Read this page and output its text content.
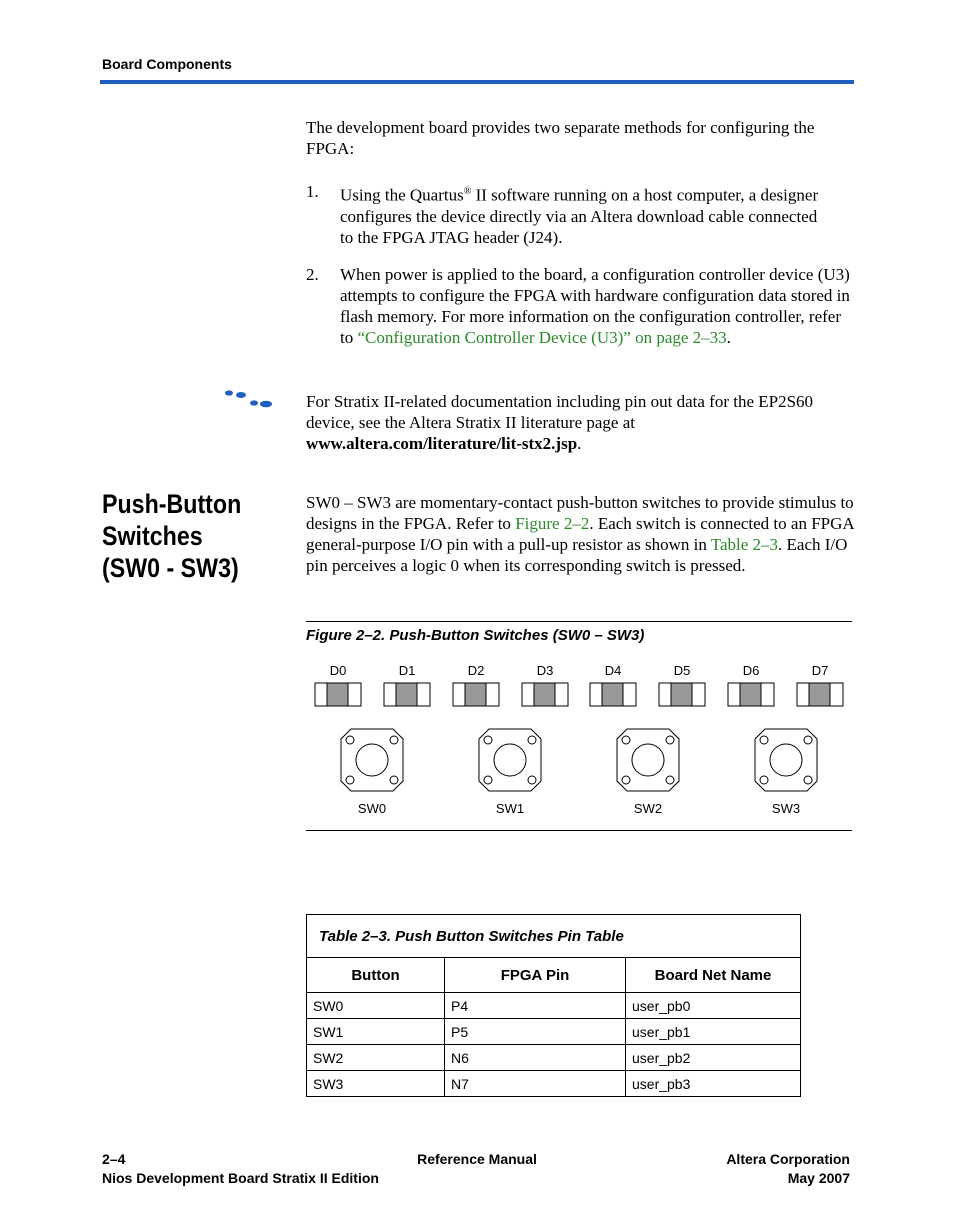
Board Components
The development board provides two separate methods for configuring the FPGA:
1. Using the Quartus® II software running on a host computer, a designer configures the device directly via an Altera download cable connected to the FPGA JTAG header (J24).
2. When power is applied to the board, a configuration controller device (U3) attempts to configure the FPGA with hardware configuration data stored in flash memory. For more information on the configuration controller, refer to “Configuration Controller Device (U3)” on page 2–33.
For Stratix II-related documentation including pin out data for the EP2S60 device, see the Altera Stratix II literature page at www.altera.com/literature/lit-stx2.jsp.
Push-Button Switches (SW0 - SW3)
SW0 – SW3 are momentary-contact push-button switches to provide stimulus to designs in the FPGA. Refer to Figure 2–2. Each switch is connected to an FPGA general-purpose I/O pin with a pull-up resistor as shown in Table 2–3. Each I/O pin perceives a logic 0 when its corresponding switch is pressed.
Figure 2–2. Push-Button Switches (SW0 – SW3)
D0	D1	D2	D3	D4	D5	D6	D7
SW0	SW1	SW2	SW3
Table 2–3. Push Button Switches Pin Table		
Button	FPGA Pin	Board Net Name
SW0	P4	user_pb0
SW1	P5	user_pb1
SW2	N6	user_pb2
SW3	N7	user_pb3
2–4	Reference Manual	Altera Corporation
Nios Development Board Stratix II Edition	May 2007
